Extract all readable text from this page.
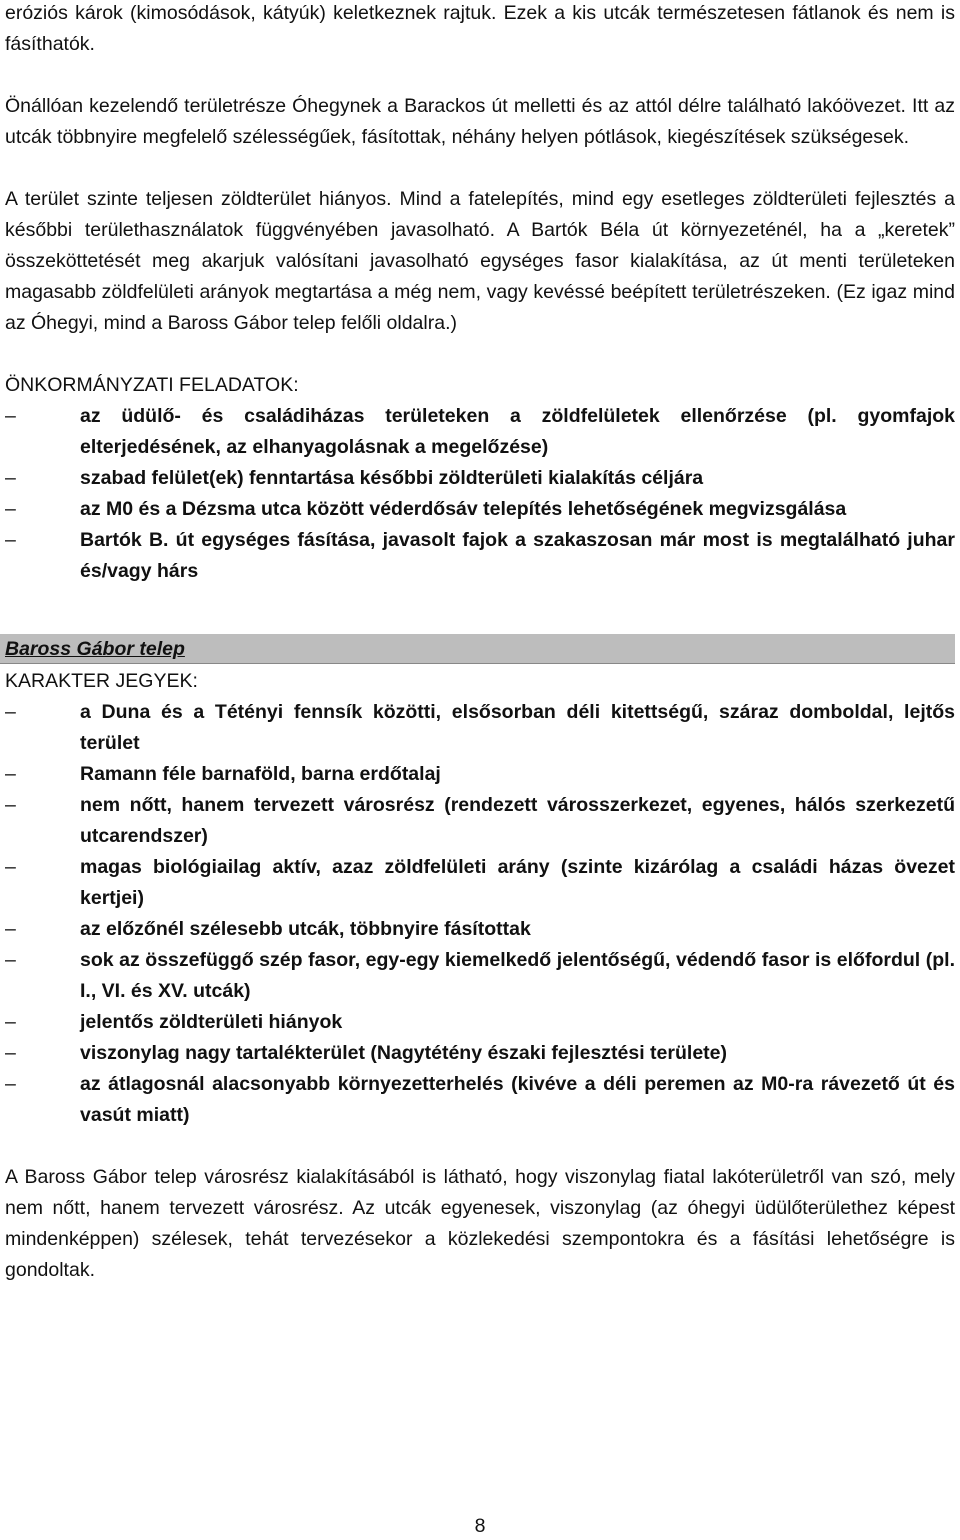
eróziós károk (kimosódások, kátyúk) keletkeznek rajtuk. Ezek a kis utcák természetesen fátlanok és nem is fásíthatók.

Önállóan kezelendő területrésze Óhegynek a Barackos út melletti és az attól délre található lakóövezet. Itt az utcák többnyire megfelelő szélességűek, fásítottak, néhány helyen pótlások, kiegészítések szükségesek.

A terület szinte teljesen zöldterület hiányos. Mind a fatelepítés, mind egy esetleges zöldterületi fejlesztés a későbbi területhasználatok függvényében javasolható. A Bartók Béla út környezeténél, ha a „keretek” összeköttetését meg akarjuk valósítani javasolható egységes fasor kialakítása, az út menti területeken magasabb zöldfelületi arányok megtartása a még nem, vagy kevéssé beépített területrészeken. (Ez igaz mind az Óhegyi, mind a Baross Gábor telep felőli oldalra.)

ÖNKORMÁNYZATI FELADATOK:

–	az üdülő- és családiházas területeken a zöldfelületek ellenőrzése (pl. gyomfajok elterjedésének, az elhanyagolásnak a megelőzése)
–	szabad felület(ek) fenntartása későbbi zöldterületi kialakítás céljára
–	az M0 és a Dézsma utca között véderdősáv telepítés lehetőségének megvizsgálása
–	Bartók B. út egységes fásítása, javasolt fajok a szakaszosan már most is megtalálható juhar és/vagy hárs
Baross Gábor telep

KARAKTER JEGYEK:

–	a Duna és a Tétényi fennsík közötti, elsősorban déli kitettségű, száraz domboldal, lejtős terület
–	Ramann féle barnaföld, barna erdőtalaj
–	nem nőtt, hanem tervezett városrész (rendezett városszerkezet, egyenes, hálós szerkezetű utcarendszer)
–	magas biológiailag aktív, azaz zöldfelületi arány (szinte kizárólag a családi házas övezet kertjei)
–	az előzőnél szélesebb utcák, többnyire fásítottak
–	sok az összefüggő szép fasor, egy-egy kiemelkedő jelentőségű, védendő fasor is előfordul (pl. I., VI. és XV. utcák)
–	jelentős zöldterületi hiányok
–	viszonylag nagy tartalékterület (Nagytétény északi fejlesztési területe)
–	az átlagosnál alacsonyabb környezetterhelés (kivéve a déli peremen az M0-ra rávezető út és vasút miatt)

A Baross Gábor telep városrész kialakításából is látható, hogy viszonylag fiatal lakóterületről van szó, mely nem nőtt, hanem tervezett városrész. Az utcák egyenesek, viszonylag (az óhegyi üdülőterülethez képest mindenképpen) szélesek, tehát tervezésekor a közlekedési szempontokra és a fásítási lehetőségre is gondoltak.

8
